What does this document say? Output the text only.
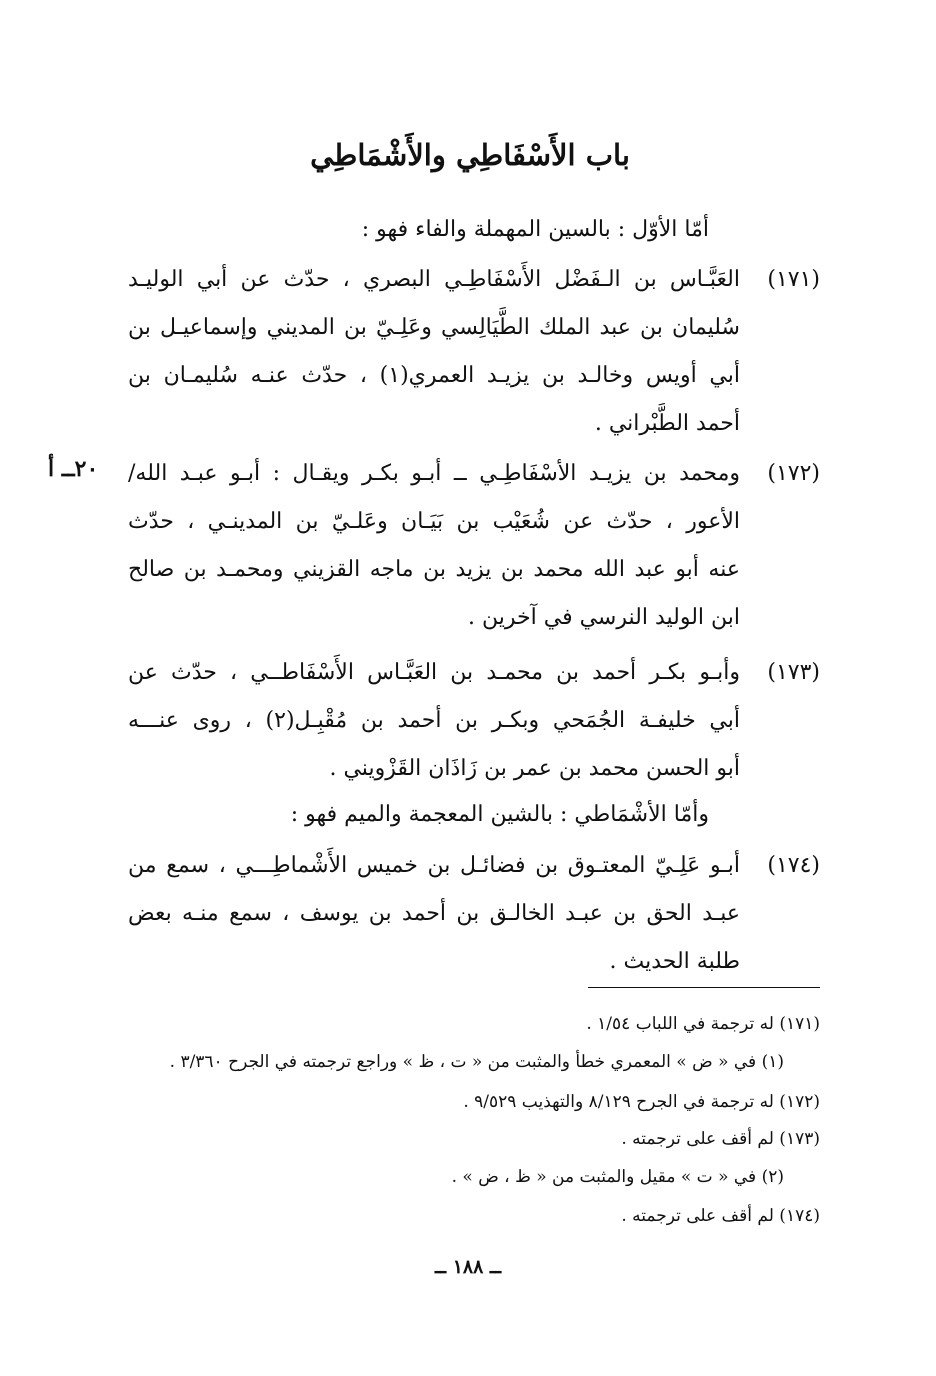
باب الأَسْفَاطِي والأَشْمَاطِي
أمّا الأوّل : بالسين المهملة والفاء فهو :
(١٧١)
العَبَّـاس بن الـفَضْل الأَسْفَاطِـي البصري ، حدّث عن أبي الوليـد
سُليمان بن عبد الملك الطَّيَالِسي وعَلِـيّ بن المديني وإسماعيـل بن
أبي أويس وخالـد بن يزيـد العمري(١) ، حدّث عنـه سُليمـان بن
أحمد الطَّبْراني .
(١٧٢)
ومحمد بن يزيـد الأسْفَاطِـي ــ أبـو بكـر ويقـال : أبـو عبـد الله/
الأعور ، حدّث عن شُعَيْب بن بَيَـان وعَلـيّ بن المدينـي ، حدّث
عنه أبو عبد الله محمد بن يزيد بن ماجه القزيني ومحمـد بن صالح
ابن الوليد النرسي في آخرين .
٢٠ــ أ
(١٧٣)
وأبـو بكـر أحمد بن محمـد بن العَبَّـاس الأَسْفَاطــي ، حدّث عن
أبي خليفـة الجُمَحي وبكـر بن أحمد بن مُقْبِـل(٢) ، روى عنـــه
أبو الحسن محمد بن عمر بن زَاذَان القَزْويني .
وأمّا الأشْمَاطي : بالشين المعجمة والميم فهو :
(١٧٤)
أبـو عَلِـيّ المعتـوق بن فضائـل بن خميس الأَشْماطِـــي ، سمع من
عبـد الحق بن عبـد الخالـق بن أحمد بن يوسف ، سمع منـه بعض
طلبة الحديث .
(١٧١) له ترجمة في اللباب ١/٥٤ .
(١) في « ض » المعمري خطأ والمثبت من « ت ، ظ » وراجع ترجمته في الجرح ٣/٣٦٠ .
(١٧٢) له ترجمة في الجرح ٨/١٢٩ والتهذيب ٩/٥٢٩ .
(١٧٣) لم أقف على ترجمته .
(٢) في « ت » مقيل والمثبت من « ظ ، ض » .
(١٧٤) لم أقف على ترجمته .
ــ ١٨٨ ــ
